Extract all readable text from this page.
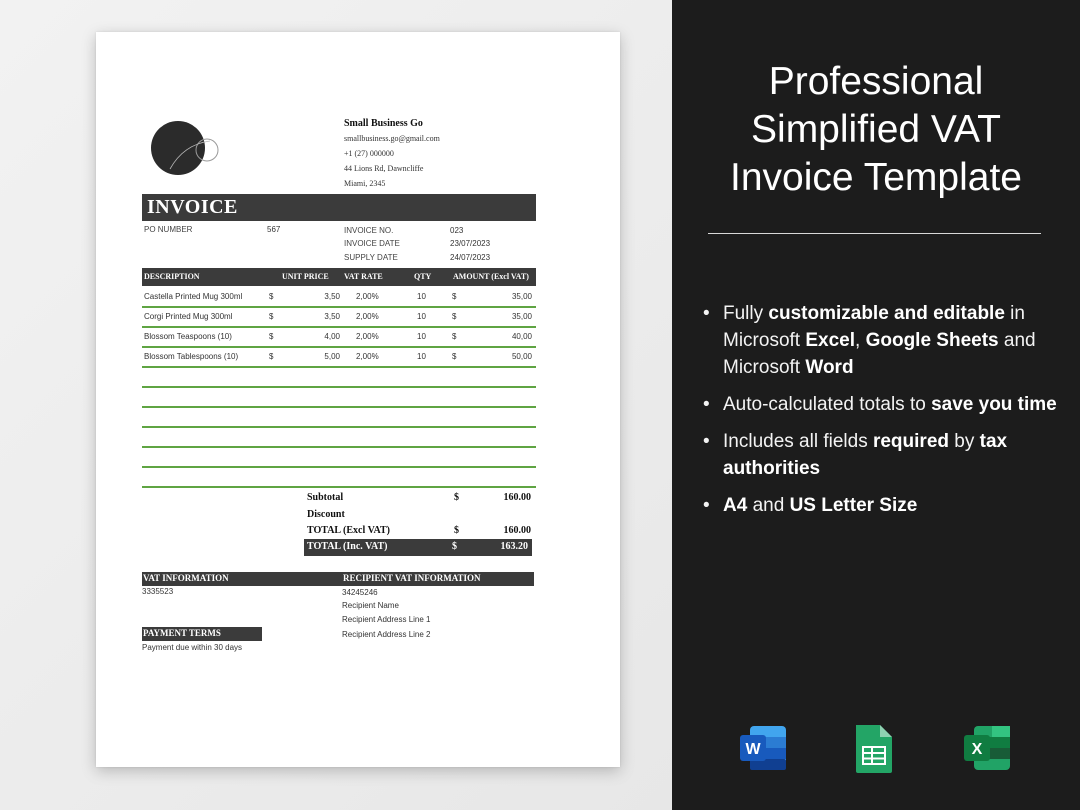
Small Business Go
smallbusiness.go@gmail.com
+1 (27) 000000
44 Lions Rd, Dawncliffe
Miami, 2345
INVOICE
PO NUMBER	567	INVOICE NO.	023
INVOICE DATE	23/07/2023
SUPPLY DATE	24/07/2023
DESCRIPTION	UNIT PRICE VAT RATE	QTY	AMOUNT (Excl VAT)
Castella Printed Mug 300ml	$	3,50 2,00%	10	$	35,00
Corgi Printed Mug 300ml	$	3,50 2,00%	10	$	35,00
Blossom Teaspoons (10)	$	4,00 2,00%	10	$	40,00
Blossom Tablespoons (10)	$	5,00 2,00%	10	$	50,00
Subtotal	$	160.00
Discount
TOTAL (Excl VAT)	$	160.00
TOTAL (Inc. VAT)	$	163.20
VAT INFORMATION
3335523
RECIPIENT VAT INFORMATION
34245246
Recipient Name
Recipient Address Line 1
Recipient Address Line 2
PAYMENT TERMS
Payment due within 30 days
Professional
Simplified VAT
Invoice Template
• Fully customizable and editable in Microsoft Excel, Google Sheets and Microsoft Word
• Auto-calculated totals to save you time
• Includes all fields required by tax authorities
• A4 and US Letter Size
W	X
